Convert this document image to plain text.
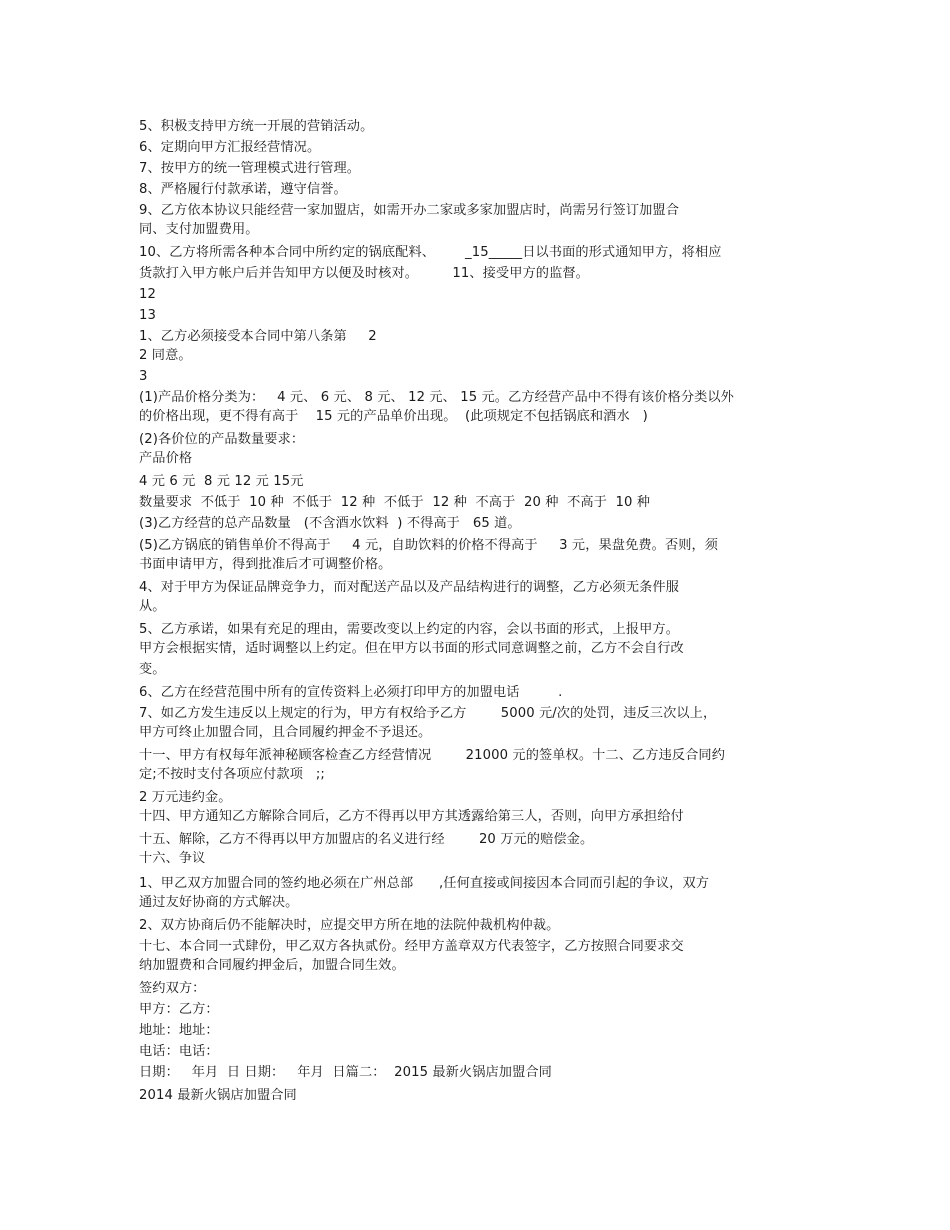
5、积极支持甲方统一开展的营销活动。

6、定期向甲方汇报经营情况。

7、按甲方的统一管理模式进行管理。

8、严格履行付款承诺，遵守信誉。

9、乙方依本协议只能经营一家加盟店，如需开办二家或多家加盟店时，尚需另行签订加盟合

同、支付加盟费用。

10、乙方将所需各种本合同中所约定的锅底配料、       _15_____日以书面的形式通知甲方，将相应

货款打入甲方帐户后并告知甲方以便及时核对。        11、接受甲方的监督。

12

13

1、乙方必须接受本合同中第八条第     2

2 同意。

3

(1)产品价格分类为：   4 元、 6 元、 8 元、 12 元、 15 元。乙方经营产品中不得有该价格分类以外

的价格出现，更不得有高于    15 元的产品单价出现。  (此项规定不包括锅底和酒水   )

(2)各价位的产品数量要求：

产品价格

4 元 6 元  8 元 12 元 15元

数量要求  不低于  10 种  不低于  12 种  不低于  12 种  不高于  20 种  不高于  10 种

(3)乙方经营的总产品数量   (不含酒水饮料  ) 不得高于   65 道。

(5)乙方锅底的销售单价不得高于     4 元，自助饮料的价格不得高于     3 元，果盘免费。否则，须

书面申请甲方，得到批准后才可调整价格。

4、对于甲方为保证品牌竞争力，而对配送产品以及产品结构进行的调整，乙方必须无条件服

从。

5、乙方承诺，如果有充足的理由，需要改变以上约定的内容，会以书面的形式，上报甲方。

甲方会根据实情，适时调整以上约定。但在甲方以书面的形式同意调整之前，乙方不会自行改

变。

6、乙方在经营范围中所有的宣传资料上必须打印甲方的加盟电话         .

7、如乙方发生违反以上规定的行为，甲方有权给予乙方        5000 元/次的处罚，违反三次以上，

甲方可终止加盟合同，且合同履约押金不予退还。

十一、甲方有权每年派神秘顾客检查乙方经营情况        21000 元的签单权。十二、乙方违反合同约

定;不按时支付各项应付款项   ;;

2 万元违约金。

十四、甲方通知乙方解除合同后，乙方不得再以甲方其透露给第三人，否则，向甲方承担给付

十五、解除，乙方不得再以甲方加盟店的名义进行经        20 万元的赔偿金。

十六、争议

1、甲乙双方加盟合同的签约地必须在广州总部      ,任何直接或间接因本合同而引起的争议，双方

通过友好协商的方式解决。

2、双方协商后仍不能解决时，应提交甲方所在地的法院仲裁机构仲裁。

十七、本合同一式肆份，甲乙双方各执贰份。经甲方盖章双方代表签字，乙方按照合同要求交

纳加盟费和合同履约押金后，加盟合同生效。

签约双方：

甲方：乙方：

地址：地址：

电话：电话：

日期：   年月  日 日期：   年月  日篇二：  2015 最新火锅店加盟合同

2014 最新火锅店加盟合同
